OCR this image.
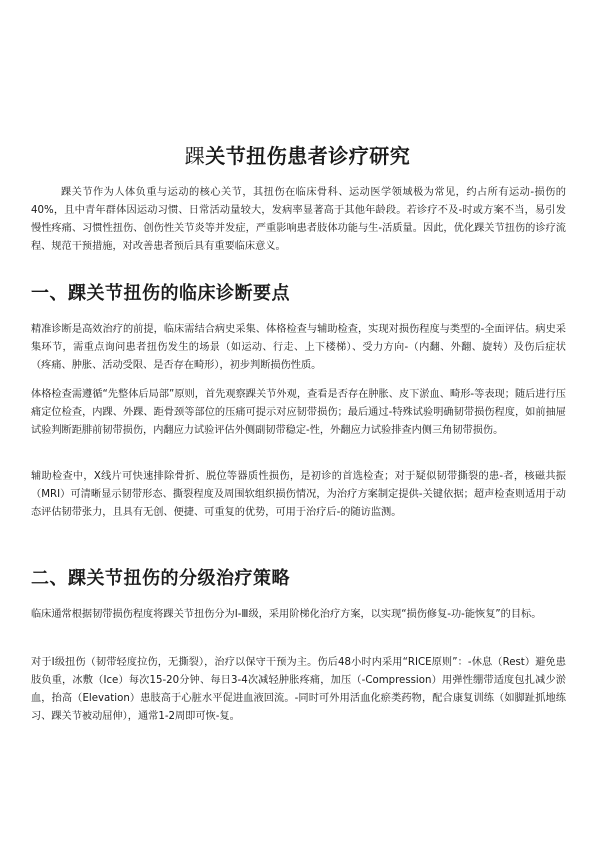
踝关节扭伤患者诊疗研究

踝关节作为人体负重与运动的核心关节，其扭伤在临床骨科、运动医学领域极为常见，约占所有运动-损伤的40%，且中青年群体因运动习惯、日常活动量较大，发病率显著高于其他年龄段。若诊疗不及-时或方案不当，易引发慢性疼痛、习惯性扭伤、创伤性关节炎等并发症，严重影响患者肢体功能与生-活质量。因此，优化踝关节扭伤的诊疗流程、规范干预措施，对改善患者预后具有重要临床意义。

一、踝关节扭伤的临床诊断要点

精准诊断是高效治疗的前提，临床需结合病史采集、体格检查与辅助检查，实现对损伤程度与类型的-全面评估。病史采集环节，需重点询问患者扭伤发生的场景（如运动、行走、上下楼梯）、受力方向-（内翻、外翻、旋转）及伤后症状（疼痛、肿胀、活动受限、是否存在畸形），初步判断损伤性质。

体格检查需遵循“先整体后局部”原则，首先观察踝关节外观，查看是否存在肿胀、皮下淤血、畸形-等表现；随后进行压痛定位检查，内踝、外踝、距骨颈等部位的压痛可提示对应韧带损伤；最后通过-特殊试验明确韧带损伤程度，如前抽屉试验判断距腓前韧带损伤，内翻应力试验评估外侧副韧带稳定-性，外翻应力试验排查内侧三角韧带损伤。

辅助检查中，X线片可快速排除骨折、脱位等器质性损伤，是初诊的首选检查；对于疑似韧带撕裂的患-者，核磁共振（MRI）可清晰显示韧带形态、撕裂程度及周围软组织损伤情况，为治疗方案制定提供-关键依据；超声检查则适用于动态评估韧带张力，且具有无创、便捷、可重复的优势，可用于治疗后-的随访监测。

二、踝关节扭伤的分级治疗策略

临床通常根据韧带损伤程度将踝关节扭伤分为Ⅰ-Ⅲ级，采用阶梯化治疗方案，以实现“损伤修复-功-能恢复”的目标。

对于Ⅰ级扭伤（韧带轻度拉伤，无撕裂），治疗以保守干预为主。伤后48小时内采用“RICE原则”：-休息（Rest）避免患肢负重，冰敷（Ice）每次15-20分钟、每日3-4次减轻肿胀疼痛，加压（-Compression）用弹性绷带适度包扎减少淤血，抬高（Elevation）患肢高于心脏水平促进血液回流。-同时可外用活血化瘀类药物，配合康复训练（如脚趾抓地练习、踝关节被动屈伸），通常1-2周即可恢-复。
